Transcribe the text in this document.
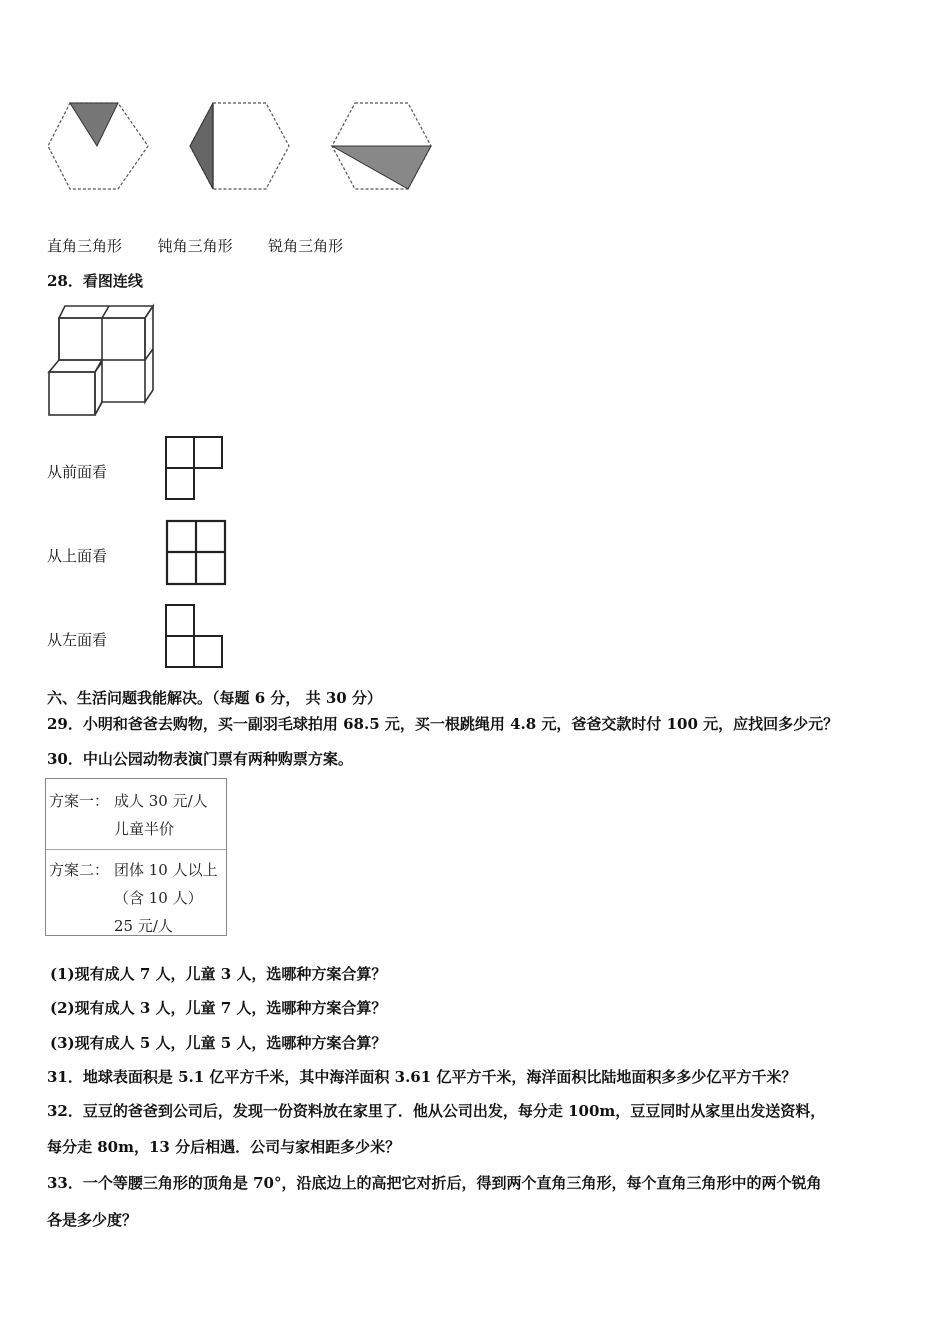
直角三角形 钝角三角形 锐角三角形
28．看图连线
从前面看
从上面看
从左面看
六、生活问题我能解决。（每题 6 分， 共 30 分）
29．小明和爸爸去购物，买一副羽毛球拍用 68.5 元，买一根跳绳用 4.8 元，爸爸交款时付 100 元，应找回多少元？
30．中山公园动物表演门票有两种购票方案。
方案一： 成人 30 元/人
儿童半价
方案二： 团体 10 人以上
（含 10 人）
25 元/人
(1)现有成人 7 人，儿童 3 人，选哪种方案合算？
(2)现有成人 3 人，儿童 7 人，选哪种方案合算？
(3)现有成人 5 人，儿童 5 人，选哪种方案合算？
31．地球表面积是 5.1 亿平方千米，其中海洋面积 3.61 亿平方千米，海洋面积比陆地面积多多少亿平方千米？
32．豆豆的爸爸到公司后，发现一份资料放在家里了．他从公司出发，每分走 100m，豆豆同时从家里出发送资料，
每分走 80m，13 分后相遇．公司与家相距多少米？
33．一个等腰三角形的顶角是 70°，沿底边上的高把它对折后，得到两个直角三角形，每个直角三角形中的两个锐角
各是多少度？
